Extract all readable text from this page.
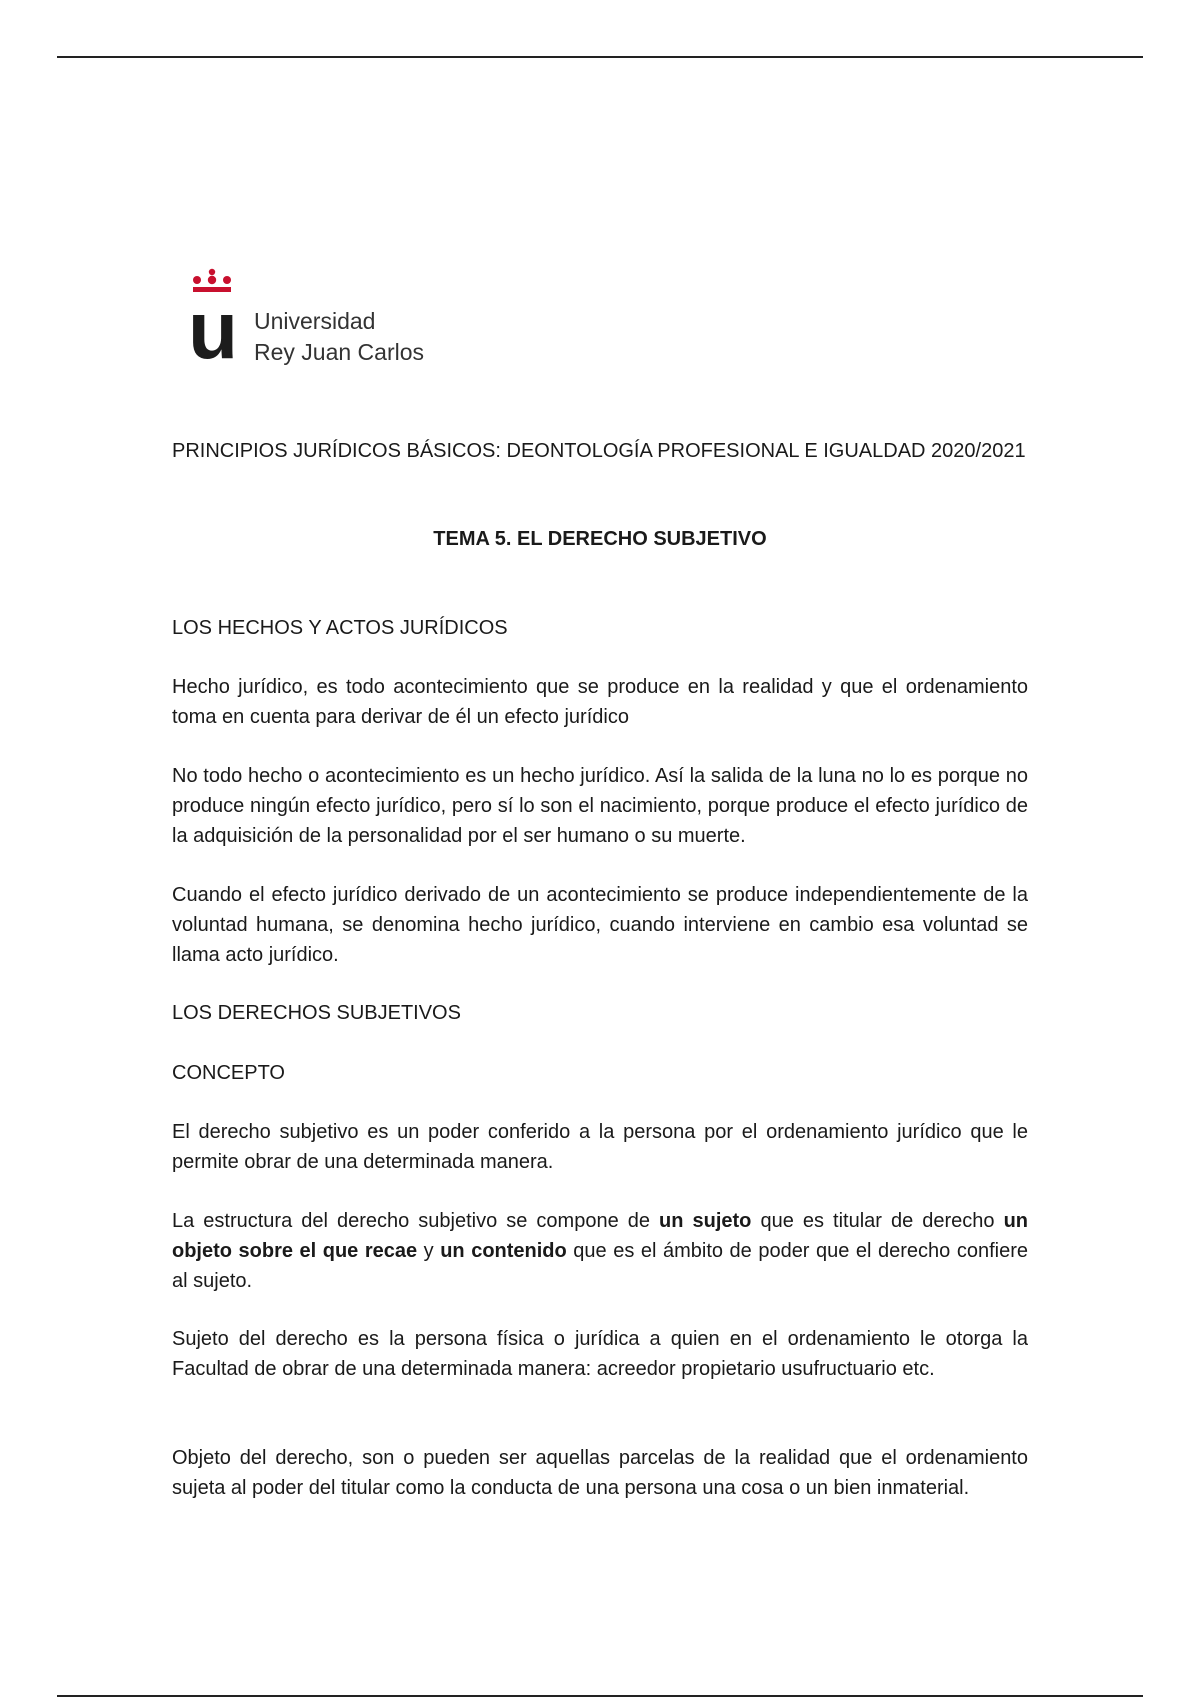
u Universidad
Rey Juan Carlos
PRINCIPIOS JURÍDICOS BÁSICOS: DEONTOLOGÍA PROFESIONAL E IGUALDAD 2020/2021
TEMA 5. EL DERECHO SUBJETIVO
LOS HECHOS Y ACTOS JURÍDICOS
Hecho jurídico, es todo acontecimiento que se produce en la realidad y que el ordenamiento toma en cuenta para derivar de él un efecto jurídico
No todo hecho o acontecimiento es un hecho jurídico. Así la salida de la luna no lo es porque no produce ningún efecto jurídico, pero sí lo son el nacimiento, porque produce el efecto jurídico de la adquisición de la personalidad por el ser humano o su muerte.
Cuando el efecto jurídico derivado de un acontecimiento se produce independientemente de la voluntad humana, se denomina hecho jurídico, cuando interviene en cambio esa voluntad se llama acto jurídico.
LOS DERECHOS SUBJETIVOS
CONCEPTO
El derecho subjetivo es un poder conferido a la persona por el ordenamiento jurídico que le permite obrar de una determinada manera.
La estructura del derecho subjetivo se compone de un sujeto que es titular de derecho un objeto sobre el que recae y un contenido que es el ámbito de poder que el derecho confiere al sujeto.
Sujeto del derecho es la persona física o jurídica a quien en el ordenamiento le otorga la Facultad de obrar de una determinada manera: acreedor propietario usufructuario etc.
Objeto del derecho, son o pueden ser aquellas parcelas de la realidad que el ordenamiento sujeta al poder del titular como la conducta de una persona una cosa o un bien inmaterial.
